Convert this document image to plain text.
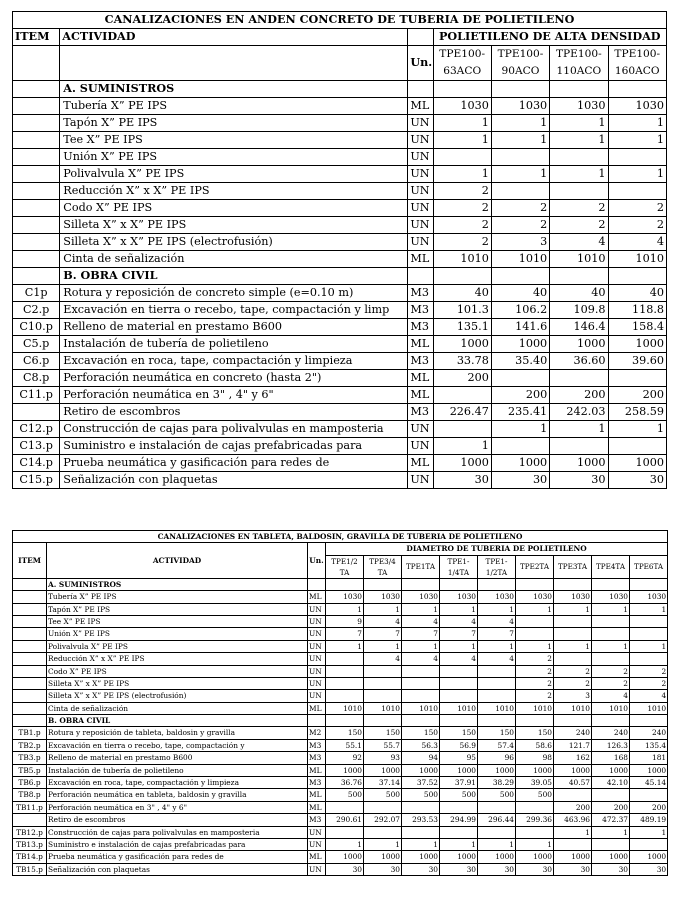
CANALIZACIONES EN ANDEN CONCRETO DE TUBERIA DE POLIETILENO						
ITEM	ACTIVIDAD		POLIETILENO DE ALTA DENSIDAD			
		Un.	TPE100-63ACO	TPE100-90ACO	TPE100-110ACO	TPE100-160ACO
	A. SUMINISTROS					
	Tubería X” PE IPS	ML	1030	1030	1030	1030
	Tapón X” PE IPS	UN	1	1	1	1
	Tee X” PE IPS	UN	1	1	1	1
	Unión X” PE IPS	UN				
	Polivalvula X” PE IPS	UN	1	1	1	1
	Reducción X” x X” PE IPS	UN	2			
	Codo X” PE IPS	UN	2	2	2	2
	Silleta X” x X” PE IPS	UN	2	2	2	2
	Silleta X” x X” PE IPS (electrofusión)	UN	2	3	4	4
	Cinta de señalización	ML	1010	1010	1010	1010
	B. OBRA CIVIL					
C1p	Rotura y reposición de concreto simple (e=0.10 m)	M3	40	40	40	40
C2.p	Excavación en tierra o recebo, tape, compactación y limp	M3	101.3	106.2	109.8	118.8
C10.p	Relleno de material en prestamo B600	M3	135.1	141.6	146.4	158.4
C5.p	Instalación de tubería de polietileno	ML	1000	1000	1000	1000
C6.p	Excavación en roca, tape, compactación y limpieza	M3	33.78	35.40	36.60	39.60
C8.p	Perforación neumática en concreto (hasta 2")	ML	200			
C11.p	Perforación neumática en 3" , 4" y 6"	ML		200	200	200
	Retiro de escombros	M3	226.47	235.41	242.03	258.59
C12.p	Construcción de cajas para polivalvulas en mamposteria	UN		1	1	1
C13.p	Suministro e instalación de cajas prefabricadas para	UN	1			
C14.p	Prueba neumática y gasificación para redes de	ML	1000	1000	1000	1000
C15.p	Señalización con plaquetas	UN	30	30	30	30
CANALIZACIONES EN TABLETA, BALDOSIN, GRAVILLA DE TUBERIA DE POLIETILENO											
ITEM	ACTIVIDAD	Un.	DIAMETRO DE TUBERIA DE POLIETILENO								
			TPE1/2 TA	TPE3/4 TA	TPE1TA	TPE1-1/4TA	TPE1-1/2TA	TPE2TA	TPE3TA	TPE4TA	TPE6TA
	A. SUMINISTROS										
	Tubería X” PE IPS	ML	1030	1030	1030	1030	1030	1030	1030	1030	1030
	Tapón X” PE IPS	UN	1	1	1	1	1	1	1	1	1
	Tee X” PE IPS	UN	9	4	4	4	4				
	Unión X” PE IPS	UN	7	7	7	7	7				
	Polivalvula X” PE IPS	UN	1	1	1	1	1	1	1	1	1
	Reducción X” x X” PE IPS	UN		4	4	4	4	2			
	Codo X” PE IPS	UN						2	2	2	2
	Silleta X” x X” PE IPS	UN						2	2	2	2
	Silleta X” x X” PE IPS (electrofusión)	UN						2	3	4	4
	Cinta de señalización	ML	1010	1010	1010	1010	1010	1010	1010	1010	1010
	B. OBRA CIVIL										
TB1.p	Rotura y reposición de tableta, baldosin y gravilla	M2	150	150	150	150	150	150	240	240	240
TB2.p	Excavación en tierra o recebo, tape, compactación y	M3	55.1	55.7	56.3	56.9	57.4	58.6	121.7	126.3	135.4
TB3.p	Relleno de material en prestamo B600	M3	92	93	94	95	96	98	162	168	181
TB5.p	Instalación de tubería de polietileno	ML	1000	1000	1000	1000	1000	1000	1000	1000	1000
TB6.p	Excavación en roca, tape, compactación y limpieza	M3	36.76	37.14	37.52	37.91	38.29	39.05	40.57	42.10	45.14
TB8.p	Perforación neumática en tableta, baldosin y gravilla	ML	500	500	500	500	500	500			
TB11.p	Perforación neumática en 3" , 4" y 6"	ML							200	200	200
	Retiro de escombros	M3	290.61	292.07	293.53	294.99	296.44	299.36	463.96	472.37	489.19
TB12.p	Construcción de cajas para polivalvulas en mamposteria	UN							1	1	1
TB13.p	Suministro e instalación de cajas prefabricadas para	UN	1	1	1	1	1	1			
TB14.p	Prueba neumática y gasificación para redes de	ML	1000	1000	1000	1000	1000	1000	1000	1000	1000
TB15.p	Señalización con plaquetas	UN	30	30	30	30	30	30	30	30	30
